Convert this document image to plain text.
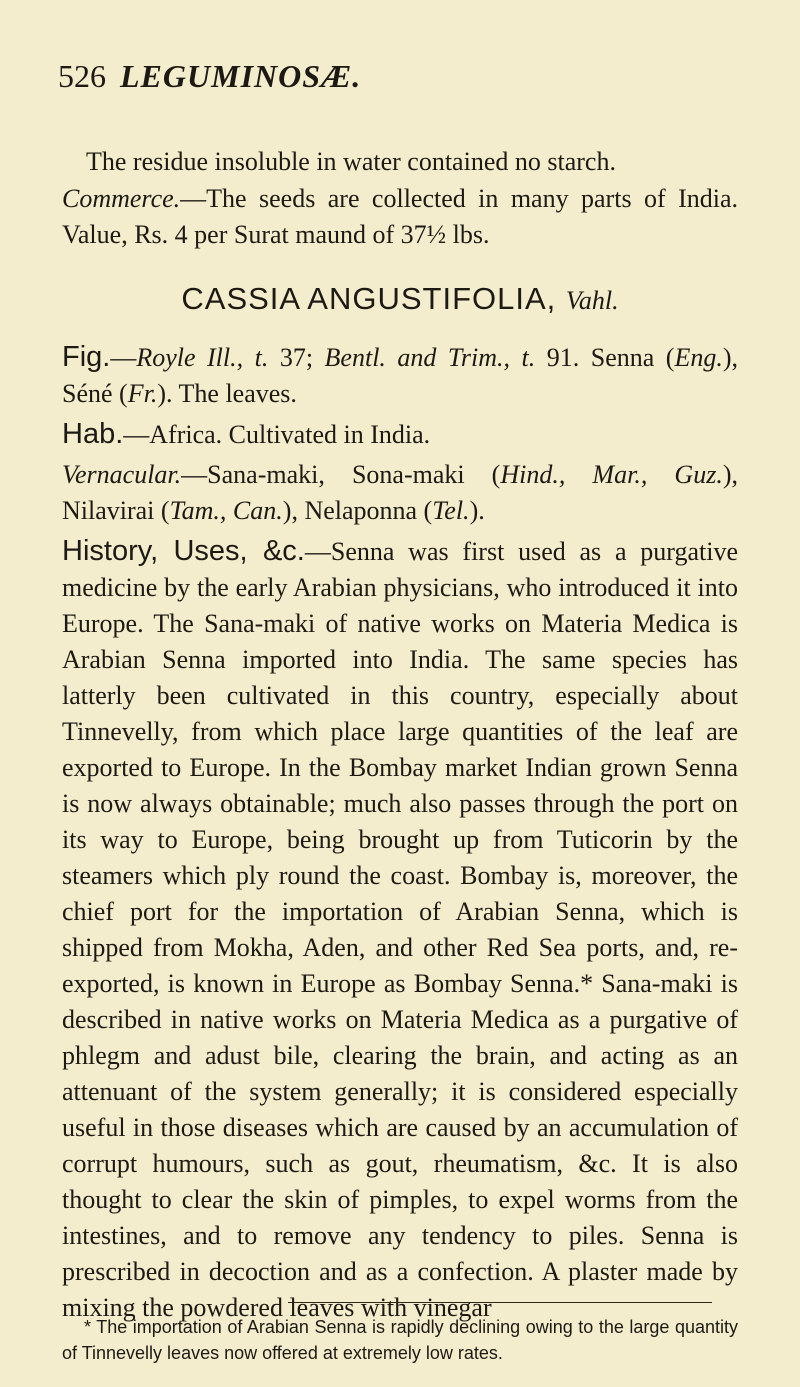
526 LEGUMINOSÆ.

The residue insoluble in water contained no starch.

Commerce.—The seeds are collected in many parts of India. Value, Rs. 4 per Surat maund of 37½ lbs.

CASSIA ANGUSTIFOLIA, Vahl.

Fig.—Royle Ill., t. 37; Bentl. and Trim., t. 91. Senna (Eng.), Séné (Fr.). The leaves.

Hab.—Africa. Cultivated in India.

Vernacular.—Sana-maki, Sona-maki (Hind., Mar., Guz.), Nilavirai (Tam., Can.), Nelaponna (Tel.).

History, Uses, &c.—Senna was first used as a purgative medicine by the early Arabian physicians, who introduced it into Europe. The Sana-maki of native works on Materia Medica is Arabian Senna imported into India. The same species has latterly been cultivated in this country, especially about Tinnevelly, from which place large quantities of the leaf are exported to Europe. In the Bombay market Indian grown Senna is now always obtainable; much also passes through the port on its way to Europe, being brought up from Tuticorin by the steamers which ply round the coast. Bombay is, moreover, the chief port for the importation of Arabian Senna, which is shipped from Mokha, Aden, and other Red Sea ports, and, re-exported, is known in Europe as Bombay Senna.* Sana-maki is described in native works on Materia Medica as a purgative of phlegm and adust bile, clearing the brain, and acting as an attenuant of the system generally; it is considered especially useful in those diseases which are caused by an accumulation of corrupt humours, such as gout, rheumatism, &c. It is also thought to clear the skin of pimples, to expel worms from the intestines, and to remove any tendency to piles. Senna is prescribed in decoction and as a confection. A plaster made by mixing the powdered leaves with vinegar

* The importation of Arabian Senna is rapidly declining owing to the large quantity of Tinnevelly leaves now offered at extremely low rates.
